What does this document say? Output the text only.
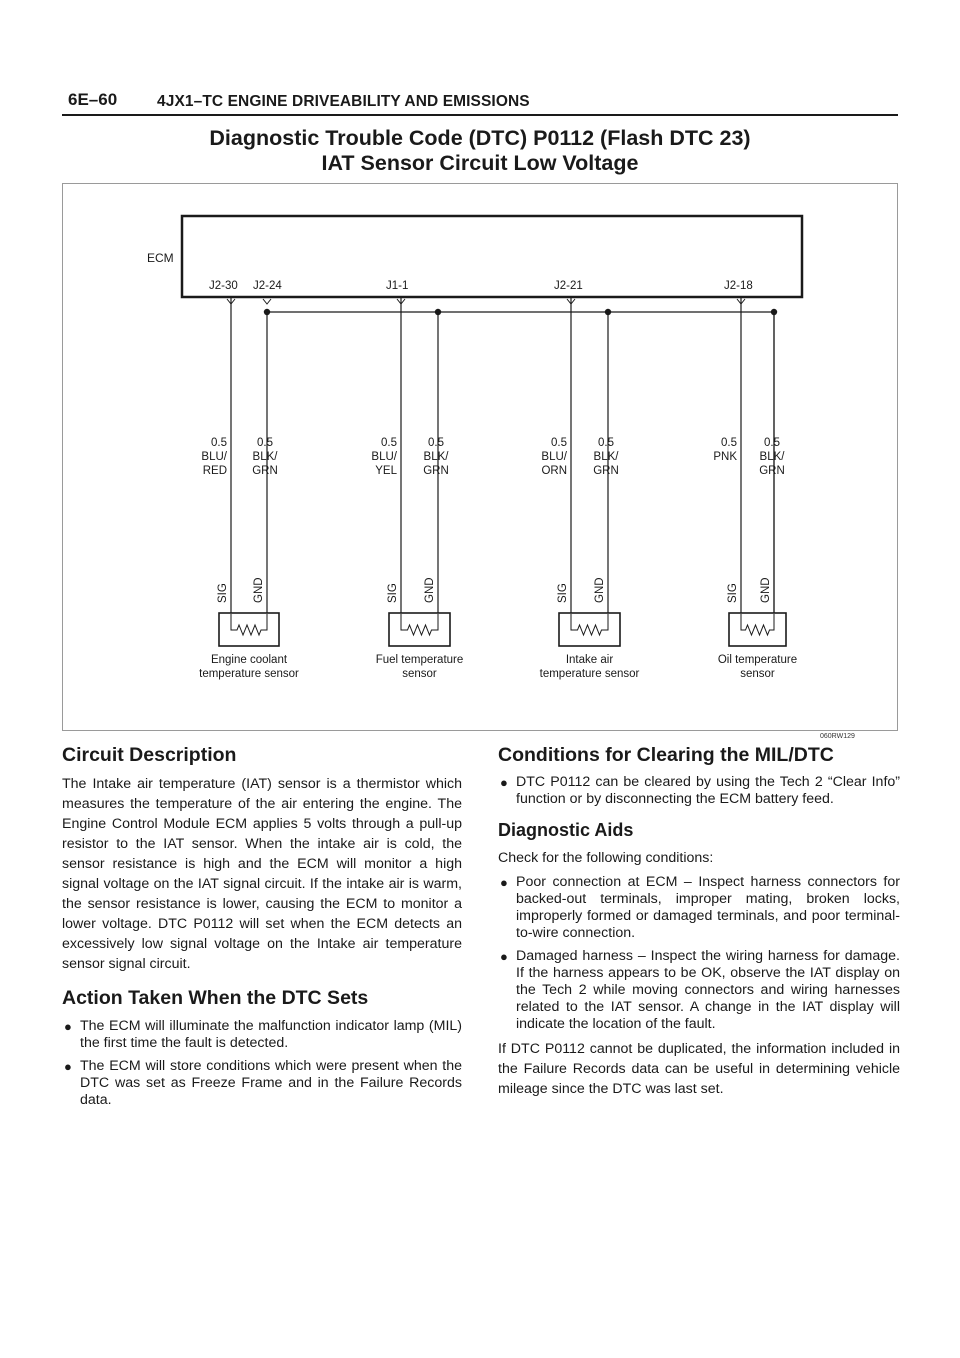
6E–60	4JX1–TC ENGINE DRIVEABILITY AND EMISSIONS
Diagnostic Trouble Code (DTC) P0112 (Flash DTC 23)
IAT Sensor Circuit Low Voltage
ECM
J2-30 J2-24
0.5
BLU/
RED
0.5
BLK/
GRN
SIG GND
Engine coolant
temperature sensor
J1-1
0.5
BLU/
YEL
0.5
BLK/
GRN
SIG GND
Fuel temperature
sensor
J2-21
0.5
BLU/
ORN
0.5
BLK/
GRN
SIG GND
Intake air
temperature sensor
J2-18
0.5
PNK
0.5
BLK/
GRN
SIG GND
Oil temperature
sensor
060RW129
Circuit Description

The Intake air temperature (IAT) sensor is a thermistor which measures the temperature of the air entering the engine. The Engine Control Module ECM applies 5 volts through a pull-up resistor to the IAT sensor. When the intake air is cold, the sensor resistance is high and the ECM will monitor a high signal voltage on the IAT signal circuit. If the intake air is warm, the sensor resistance is lower, causing the ECM to monitor a lower voltage. DTC P0112 will set when the ECM detects an excessively low signal voltage on the Intake air temperature sensor signal circuit.

Action Taken When the DTC Sets
● The ECM will illuminate the malfunction indicator lamp (MIL) the first time the fault is detected.
● The ECM will store conditions which were present when the DTC was set as Freeze Frame and in the Failure Records data.
Conditions for Clearing the MIL/DTC
● DTC P0112 can be cleared by using the Tech 2 “Clear Info” function or by disconnecting the ECM battery feed.
Diagnostic Aids

Check for the following conditions:

● Poor connection at ECM – Inspect harness connectors for backed-out terminals, improper mating, broken locks, improperly formed or damaged terminals, and poor terminal-to-wire connection.
● Damaged harness – Inspect the wiring harness for damage. If the harness appears to be OK, observe the IAT display on the Tech 2 while moving connectors and wiring harnesses related to the IAT sensor. A change in the IAT display will indicate the location of the fault.

If DTC P0112 cannot be duplicated, the information included in the Failure Records data can be useful in determining vehicle mileage since the DTC was last set.
